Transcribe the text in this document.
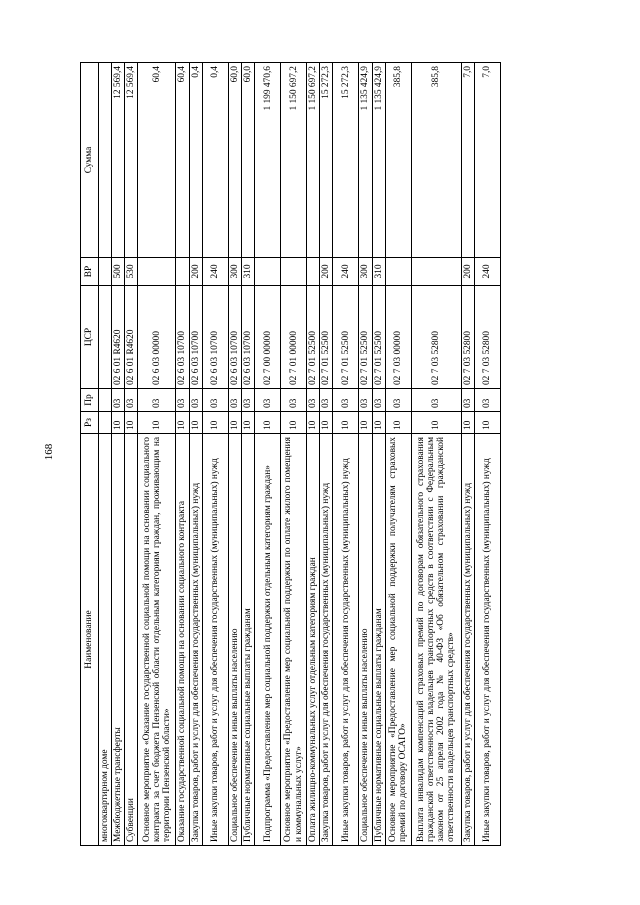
168
Наименование	Рз	Пр	ЦСР	ВР	Сумма
многоквартирном доме					
Межбюджетные трансферты	10	03	02 6 01 R4620	500	12 569,4
Субвенции	10	03	02 6 01 R4620	530	12 569,4
Основное мероприятие «Оказание государственной социальной помощи на основании социального контракта за счет бюджета Пензенской области отдельным категориям граждан, проживающим на территории Пензенской области»	10	03	02 6 03 00000		60,4
Оказание государственной социальной помощи на основании социального контракта	10	03	02 6 03 10700		60,4
Закупка товаров, работ и услуг для обеспечения государственных (муниципальных) нужд	10	03	02 6 03 10700	200	0,4
Иные закупки товаров, работ и услуг для обеспечения государственных (муниципальных) нужд	10	03	02 6 03 10700	240	0,4
Социальное обеспечение и иные выплаты населению	10	03	02 6 03 10700	300	60,0
Публичные нормативные социальные выплаты гражданам	10	03	02 6 03 10700	310	60,0
Подпрограмма «Предоставление мер социальной поддержки отдельным категориям граждан»	10	03	02 7 00 00000		1 199 470,6
Основное мероприятие «Предоставление мер социальной поддержки по оплате жилого помещения и коммунальных услуг»	10	03	02 7 01 00000		1 150 697,2
Оплата жилищно-коммунальных услуг отдельным категориям граждан	10	03	02 7 01 52500		1 150 697,2
Закупка товаров, работ и услуг для обеспечения государственных (муниципальных) нужд	10	03	02 7 01 52500	200	15 272,3
Иные закупки товаров, работ и услуг для обеспечения государственных (муниципальных) нужд	10	03	02 7 01 52500	240	15 272,3
Социальное обеспечение и иные выплаты населению	10	03	02 7 01 52500	300	1 135 424,9
Публичные нормативные социальные выплаты гражданам	10	03	02 7 01 52500	310	1 135 424,9
Основное мероприятие «Предоставление мер социальной поддержки получателям страховых премий по договору ОСАГО»	10	03	02 7 03 00000		385,8
Выплата инвалидам компенсаций страховых премий по договорам обязательного страхования гражданской ответственности владельцев транспортных средств в соответствии с Федеральным законом от 25 апреля 2002 года № 40-ФЗ «Об обязательном страховании гражданской ответственности владельцев транспортных средств»	10	03	02 7 03 52800		385,8
Закупка товаров, работ и услуг для обеспечения государственных (муниципальных) нужд	10	03	02 7 03 52800	200	7,0
Иные закупки товаров, работ и услуг для обеспечения государственных (муниципальных) нужд	10	03	02 7 03 52800	240	7,0
